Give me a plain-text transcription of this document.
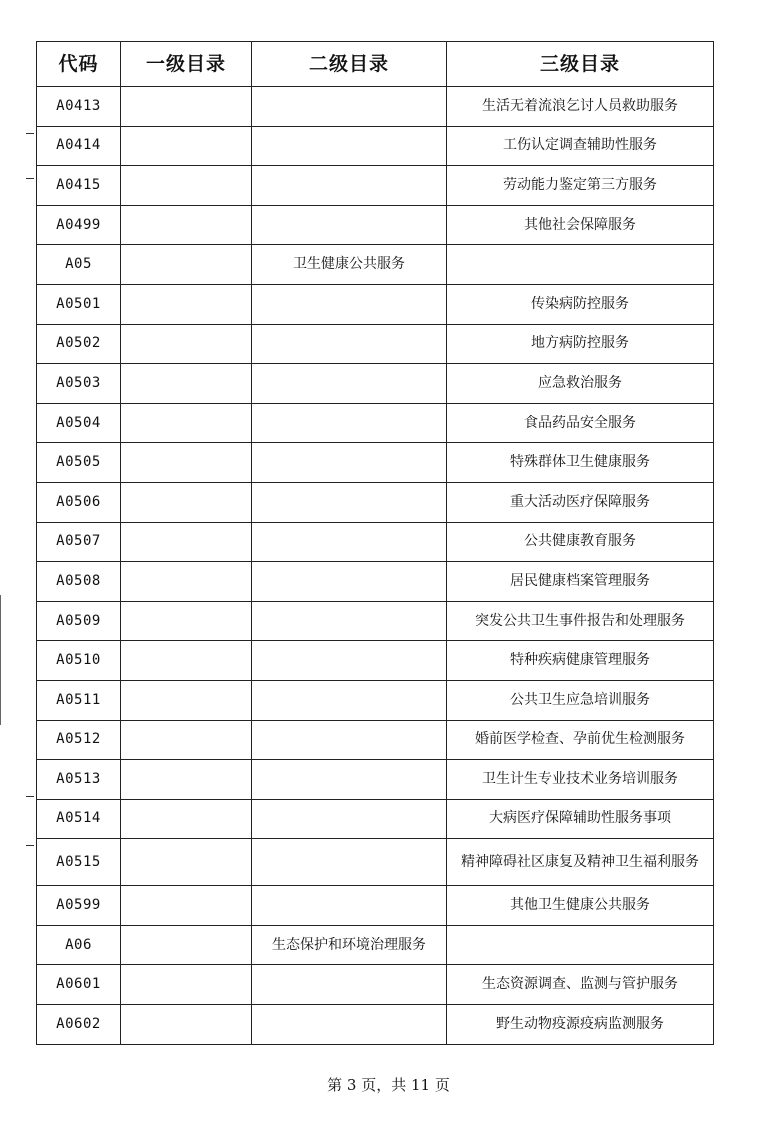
代码	一级目录	二级目录	三级目录
A0413			生活无着流浪乞讨人员救助服务
A0414			工伤认定调查辅助性服务
A0415			劳动能力鉴定第三方服务
A0499			其他社会保障服务
A05		卫生健康公共服务	
A0501			传染病防控服务
A0502			地方病防控服务
A0503			应急救治服务
A0504			食品药品安全服务
A0505			特殊群体卫生健康服务
A0506			重大活动医疗保障服务
A0507			公共健康教育服务
A0508			居民健康档案管理服务
A0509			突发公共卫生事件报告和处理服务
A0510			特种疾病健康管理服务
A0511			公共卫生应急培训服务
A0512			婚前医学检查、孕前优生检测服务
A0513			卫生计生专业技术业务培训服务
A0514			大病医疗保障辅助性服务事项
A0515			精神障碍社区康复及精神卫生福利服务
A0599			其他卫生健康公共服务
A06		生态保护和环境治理服务	
A0601			生态资源调查、监测与管护服务
A0602			野生动物疫源疫病监测服务
第 3 页，共 11 页
